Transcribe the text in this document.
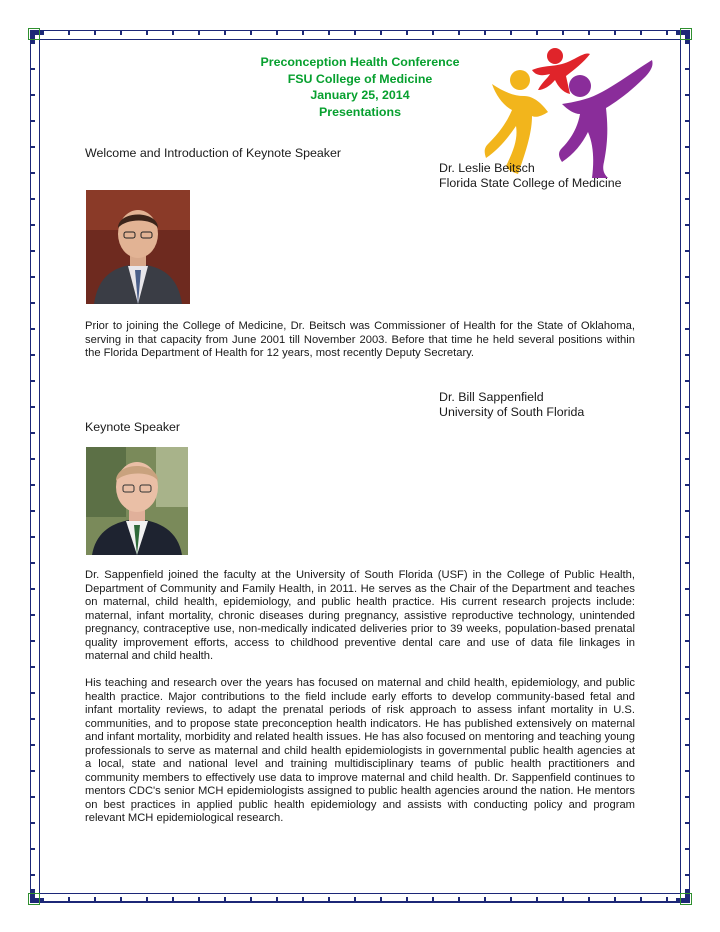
Preconception Health Conference
FSU College of Medicine
January 25, 2014
Presentations
Welcome and Introduction of Keynote Speaker
Dr. Leslie Beitsch
Florida State College of Medicine

Prior to joining the College of Medicine, Dr. Beitsch was Commissioner of Health for the State of Oklahoma, serving in that capacity from June 2001 till November 2003. Before that time he held several positions within the Florida Department of Health for 12 years, most recently Deputy Secretary.

Dr. Bill Sappenfield
University of South Florida
Keynote Speaker

Dr. Sappenfield joined the faculty at the University of South Florida (USF) in the College of Public Health, Department of Community and Family Health, in 2011. He serves as the Chair of the Department and teaches on maternal, child health, epidemiology, and public health practice. His current research projects include: maternal, infant mortality, chronic diseases during pregnancy, assistive reproductive technology, unintended pregnancy, contraceptive use, non-medically indicated deliveries prior to 39 weeks, population-based prenatal quality improvement efforts, access to childhood preventive dental care and use of data file linkages in maternal and child health.

His teaching and research over the years has focused on maternal and child health, epidemiology, and public health practice. Major contributions to the field include early efforts to develop community-based fetal and infant mortality reviews, to adapt the prenatal periods of risk approach to assess infant mortality in U.S. communities, and to propose state preconception health indicators. He has published extensively on maternal and infant mortality, morbidity and related health issues. He has also focused on mentoring and teaching young professionals to serve as maternal and child health epidemiologists in governmental public health agencies at a local, state and national level and training multidisciplinary teams of public health practitioners and community members to effectively use data to improve maternal and child health. Dr. Sappenfield continues to mentors CDC's senior MCH epidemiologists assigned to public health agencies around the nation. He mentors on best practices in applied public health epidemiology and assists with conducting policy and program relevant MCH epidemiological research.
